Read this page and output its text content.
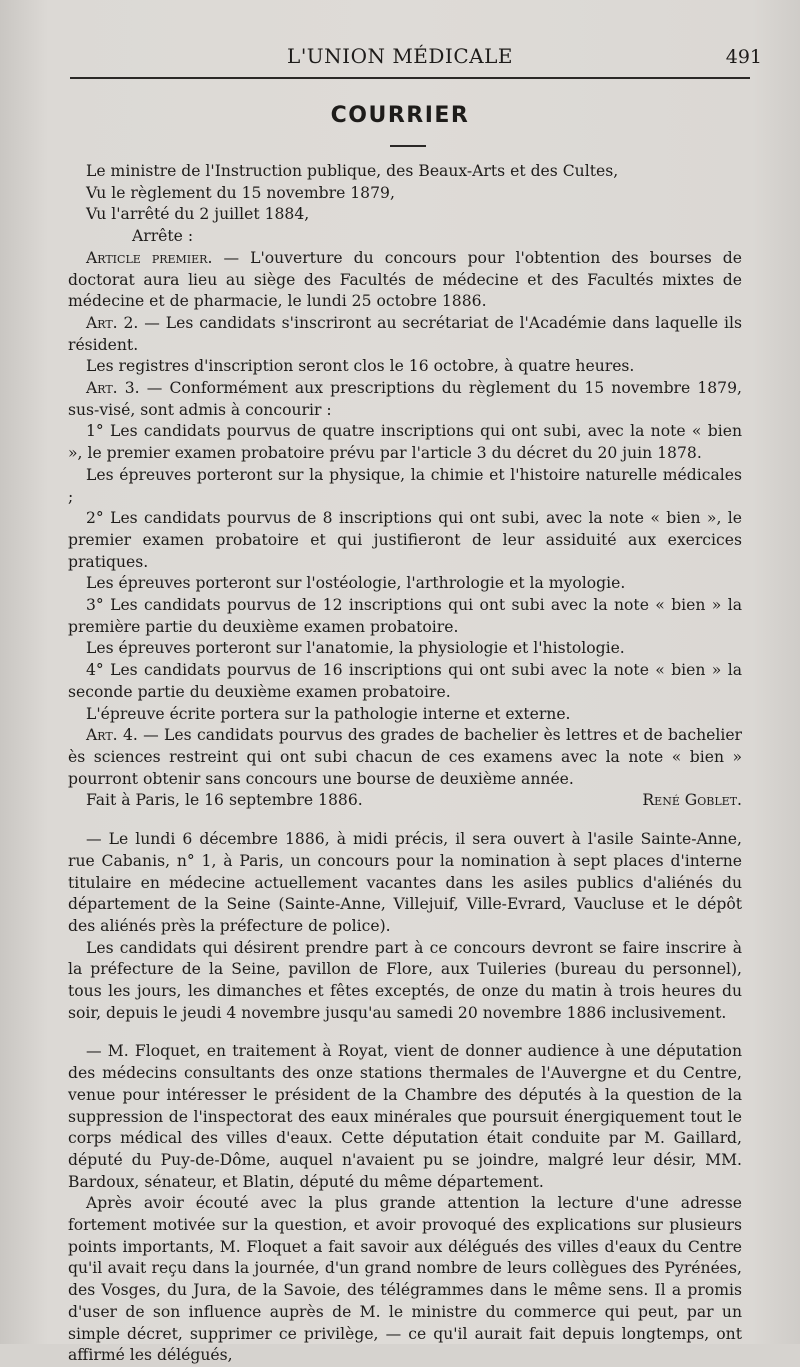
L'UNION MÉDICALE	491
COURRIER

Le ministre de l'Instruction publique, des Beaux-Arts et des Cultes,

Vu le règlement du 15 novembre 1879,

Vu l'arrêté du 2 juillet 1884,

Arrête :

Article premier. — L'ouverture du concours pour l'obtention des bourses de doctorat aura lieu au siège des Facultés de médecine et des Facultés mixtes de médecine et de pharmacie, le lundi 25 octobre 1886.

Art. 2. — Les candidats s'inscriront au secrétariat de l'Académie dans laquelle ils résident.

Les registres d'inscription seront clos le 16 octobre, à quatre heures.

Art. 3. — Conformément aux prescriptions du règlement du 15 novembre 1879, sus-visé, sont admis à concourir :

1° Les candidats pourvus de quatre inscriptions qui ont subi, avec la note « bien », le premier examen probatoire prévu par l'article 3 du décret du 20 juin 1878.

Les épreuves porteront sur la physique, la chimie et l'histoire naturelle médicales ;

2° Les candidats pourvus de 8 inscriptions qui ont subi, avec la note « bien », le premier examen probatoire et qui justifieront de leur assiduité aux exercices pratiques.

Les épreuves porteront sur l'ostéologie, l'arthrologie et la myologie.

3° Les candidats pourvus de 12 inscriptions qui ont subi avec la note « bien » la première partie du deuxième examen probatoire.

Les épreuves porteront sur l'anatomie, la physiologie et l'histologie.

4° Les candidats pourvus de 16 inscriptions qui ont subi avec la note « bien » la seconde partie du deuxième examen probatoire.

L'épreuve écrite portera sur la pathologie interne et externe.

Art. 4. — Les candidats pourvus des grades de bachelier ès lettres et de bachelier ès sciences restreint qui ont subi chacun de ces examens avec la note « bien » pourront obtenir sans concours une bourse de deuxième année.

Fait à Paris, le 16 septembre 1886.	René Goblet.

— Le lundi 6 décembre 1886, à midi précis, il sera ouvert à l'asile Sainte-Anne, rue Cabanis, n° 1, à Paris, un concours pour la nomination à sept places d'interne titulaire en médecine actuellement vacantes dans les asiles publics d'aliénés du département de la Seine (Sainte-Anne, Villejuif, Ville-Evrard, Vaucluse et le dépôt des aliénés près la préfecture de police).

Les candidats qui désirent prendre part à ce concours devront se faire inscrire à la préfecture de la Seine, pavillon de Flore, aux Tuileries (bureau du personnel), tous les jours, les dimanches et fêtes exceptés, de onze du matin à trois heures du soir, depuis le jeudi 4 novembre jusqu'au samedi 20 novembre 1886 inclusivement.

— M. Floquet, en traitement à Royat, vient de donner audience à une députation des médecins consultants des onze stations thermales de l'Auvergne et du Centre, venue pour intéresser le président de la Chambre des députés à la question de la suppression de l'inspectorat des eaux minérales que poursuit énergiquement tout le corps médical des villes d'eaux. Cette députation était conduite par M. Gaillard, député du Puy-de-Dôme, auquel n'avaient pu se joindre, malgré leur désir, MM. Bardoux, sénateur, et Blatin, député du même département.

Après avoir écouté avec la plus grande attention la lecture d'une adresse fortement motivée sur la question, et avoir provoqué des explications sur plusieurs points importants, M. Floquet a fait savoir aux délégués des villes d'eaux du Centre qu'il avait reçu dans la journée, d'un grand nombre de leurs collègues des Pyrénées, des Vosges, du Jura, de la Savoie, des télégrammes dans le même sens. Il a promis d'user de son influence auprès de M. le ministre du commerce qui peut, par un simple décret, supprimer ce privilège, — ce qu'il aurait fait depuis longtemps, ont affirmé les délégués,
